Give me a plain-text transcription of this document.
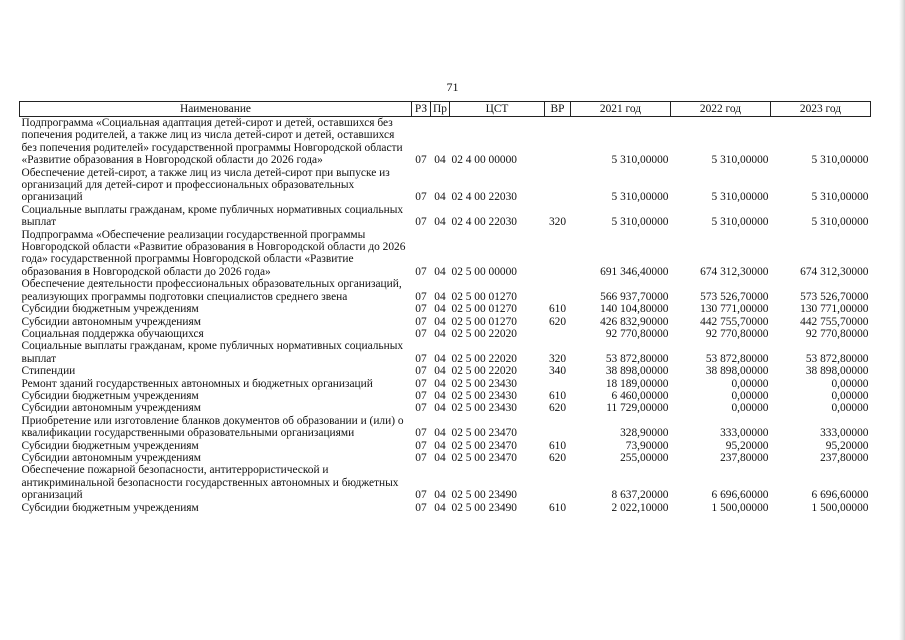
71
Наименование	РЗ	Пр	ЦСТ	ВР	2021 год	2022 год	2023 год
Подпрограмма «Социальная адаптация детей-сирот и детей, оставшихся без попечения родителей, а также лиц из числа детей-сирот и детей, оставшихся без попечения родителей» государственной программы Новгородской области «Развитие образования в Новгородской области до 2026 года»	07	04	02 4 00 00000		5 310,00000	5 310,00000	5 310,00000
Обеспечение детей-сирот, а также лиц из числа детей-сирот при выпуске из организаций для детей-сирот и профессиональных образовательных организаций	07	04	02 4 00 22030		5 310,00000	5 310,00000	5 310,00000
Социальные выплаты гражданам, кроме публичных нормативных социальных выплат	07	04	02 4 00 22030	320	5 310,00000	5 310,00000	5 310,00000
Подпрограмма «Обеспечение реализации государственной программы Новгородской области «Развитие образования в Новгородской области до 2026 года» государственной программы Новгородской области «Развитие образования в Новгородской области до 2026 года»	07	04	02 5 00 00000		691 346,40000	674 312,30000	674 312,30000
Обеспечение деятельности профессиональных образовательных организаций, реализующих программы подготовки специалистов среднего звена	07	04	02 5 00 01270		566 937,70000	573 526,70000	573 526,70000
Субсидии бюджетным учреждениям	07	04	02 5 00 01270	610	140 104,80000	130 771,00000	130 771,00000
Субсидии автономным учреждениям	07	04	02 5 00 01270	620	426 832,90000	442 755,70000	442 755,70000
Социальная поддержка обучающихся	07	04	02 5 00 22020		92 770,80000	92 770,80000	92 770,80000
Социальные выплаты гражданам, кроме публичных нормативных социальных выплат	07	04	02 5 00 22020	320	53 872,80000	53 872,80000	53 872,80000
Стипендии	07	04	02 5 00 22020	340	38 898,00000	38 898,00000	38 898,00000
Ремонт зданий государственных автономных и бюджетных организаций	07	04	02 5 00 23430		18 189,00000	0,00000	0,00000
Субсидии бюджетным учреждениям	07	04	02 5 00 23430	610	6 460,00000	0,00000	0,00000
Субсидии автономным учреждениям	07	04	02 5 00 23430	620	11 729,00000	0,00000	0,00000
Приобретение или изготовление бланков документов об образовании и (или) о квалификации государственными образовательными организациями	07	04	02 5 00 23470		328,90000	333,00000	333,00000
Субсидии бюджетным учреждениям	07	04	02 5 00 23470	610	73,90000	95,20000	95,20000
Субсидии автономным учреждениям	07	04	02 5 00 23470	620	255,00000	237,80000	237,80000
Обеспечение пожарной безопасности, антитеррористической и антикриминальной безопасности государственных автономных и бюджетных организаций	07	04	02 5 00 23490		8 637,20000	6 696,60000	6 696,60000
Субсидии бюджетным учреждениям	07	04	02 5 00 23490	610	2 022,10000	1 500,00000	1 500,00000
